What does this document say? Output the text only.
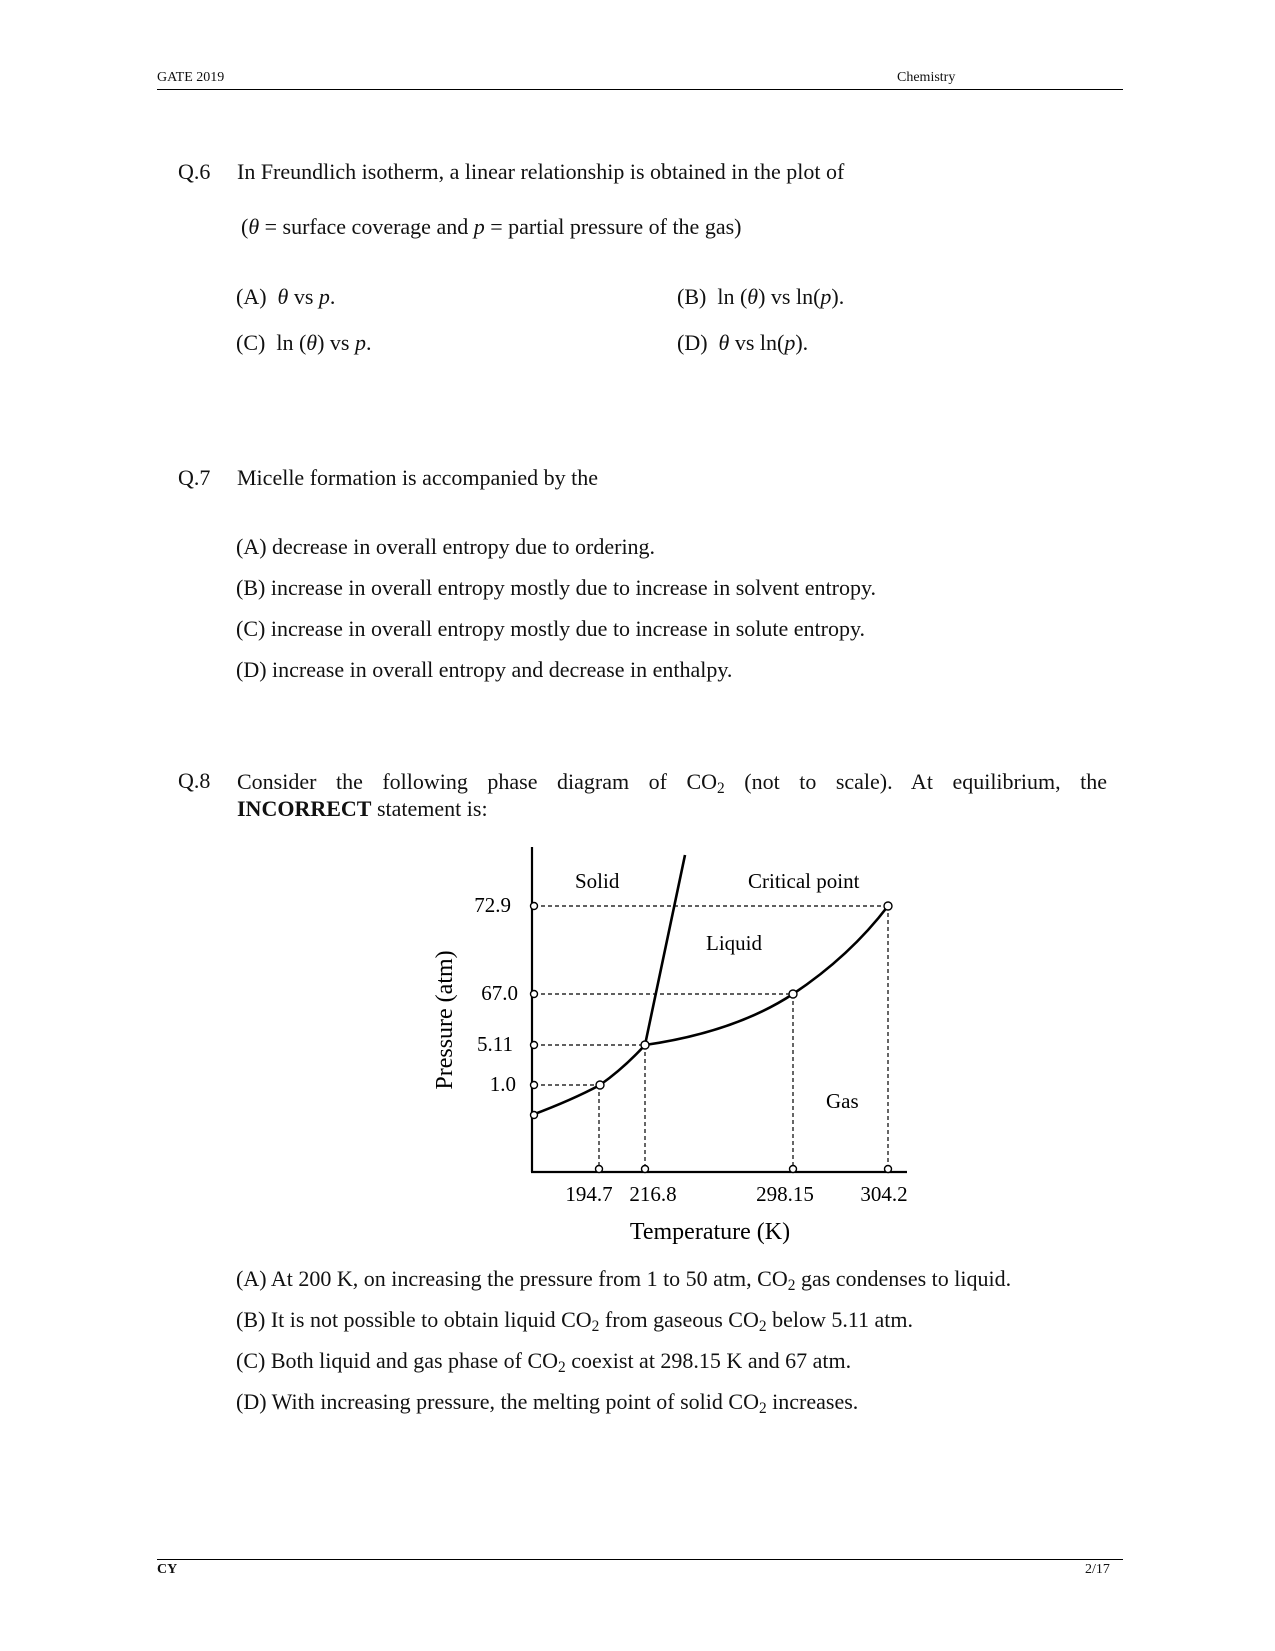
GATE 2019	Chemistry
Q.6 In Freundlich isotherm, a linear relationship is obtained in the plot of
(θ = surface coverage and p = partial pressure of the gas)
(A) θ vs p.	(B) ln (θ) vs ln(p).
(C) ln (θ) vs p.	(D) θ vs ln(p).
Q.7 Micelle formation is accompanied by the
(A) decrease in overall entropy due to ordering.
(B) increase in overall entropy mostly due to increase in solvent entropy.
(C) increase in overall entropy mostly due to increase in solute entropy.
(D) increase in overall entropy and decrease in enthalpy.
Q.8 Consider the following phase diagram of $CO_2$ (not to scale). At equilibrium, the
INCORRECT statement is:
Solid
Liquid
Gas
Critical point
72.9
67.0
5.11
1.0
194.7 216.8	298.15 304.2
Temperature (K)
Pressure (atm)
(A) At 200 K, on increasing the pressure from 1 to 50 atm, $CO_2$ gas condenses to liquid.
(B) It is not possible to obtain liquid $CO_2$ from gaseous $CO_2$ below 5.11 atm.
(C) Both liquid and gas phase of $CO_2$ coexist at 298.15 K and 67 atm.
(D) With increasing pressure, the melting point of solid $CO_2$ increases.
CY	2/17
